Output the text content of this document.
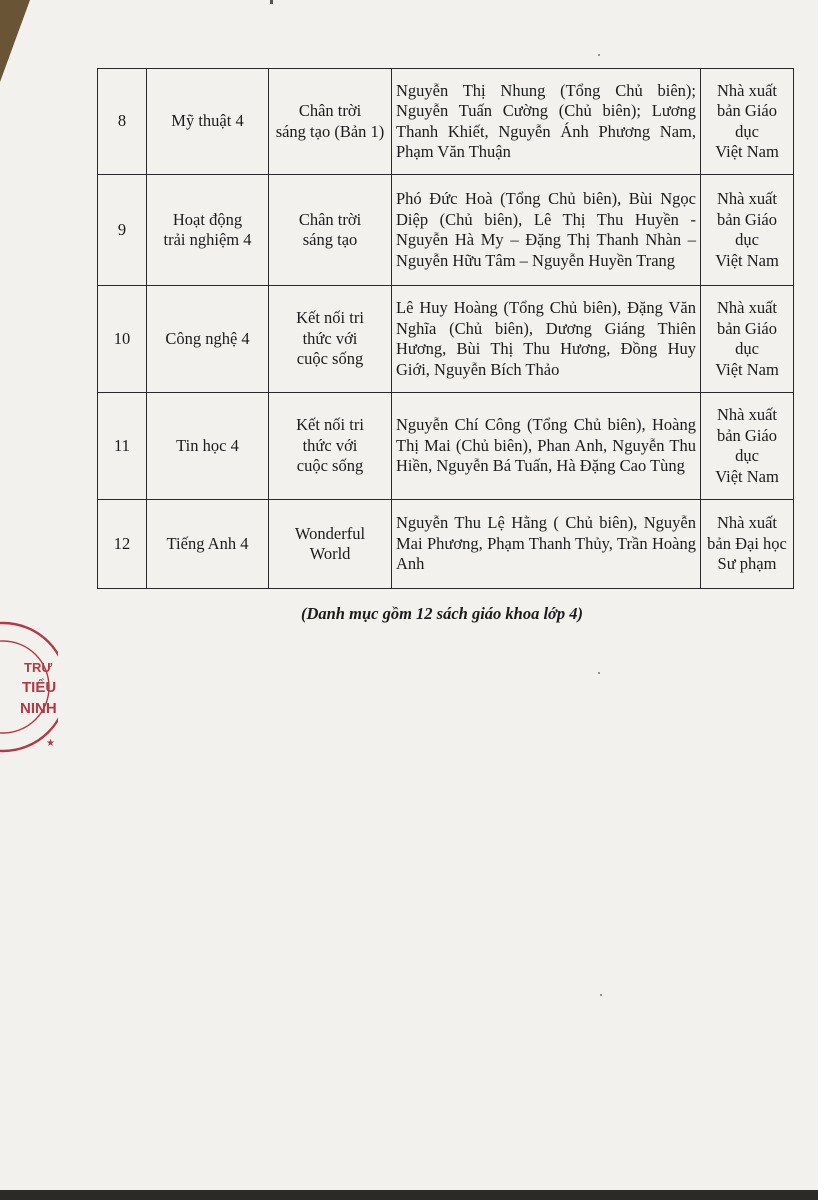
8	Mỹ thuật 4	Chân trời
sáng tạo (Bản 1)	Nguyễn Thị Nhung (Tổng Chủ biên); Nguyễn Tuấn Cường (Chủ biên); Lương Thanh Khiết, Nguyễn Ánh Phương Nam, Phạm Văn Thuận	Nhà xuất
bản Giáo
dục
Việt Nam

9	Hoạt động
trải nghiệm 4	Chân trời
sáng tạo	Phó Đức Hoà (Tổng Chủ biên), Bùi Ngọc Diệp (Chủ biên), Lê Thị Thu Huyền - Nguyễn Hà My – Đặng Thị Thanh Nhàn – Nguyễn Hữu Tâm – Nguyễn Huyền Trang	Nhà xuất
bản Giáo
dục
Việt Nam

10	Công nghệ 4	Kết nối tri
thức với
cuộc sống	Lê Huy Hoàng (Tổng Chủ biên), Đặng Văn Nghĩa (Chủ biên), Dương Giáng Thiên Hương, Bùi Thị Thu Hương, Đồng Huy Giới, Nguyễn Bích Thảo	Nhà xuất
bản Giáo
dục
Việt Nam

11	Tin học 4	Kết nối tri
thức với
cuộc sống	Nguyễn Chí Công (Tổng Chủ biên), Hoàng Thị Mai (Chủ biên), Phan Anh, Nguyễn Thu Hiền, Nguyễn Bá Tuấn, Hà Đặng Cao Tùng	Nhà xuất
bản Giáo
dục
Việt Nam

12	Tiếng Anh 4	Wonderful
World	Nguyễn Thu Lệ Hằng ( Chủ biên), Nguyễn Mai Phương, Phạm Thanh Thủy, Trần Hoàng Anh	Nhà xuất
bản Đại học
Sư phạm
(Danh mục gồm 12 sách giáo khoa lớp 4)
★
TRƯ
TIỂU
NINH
